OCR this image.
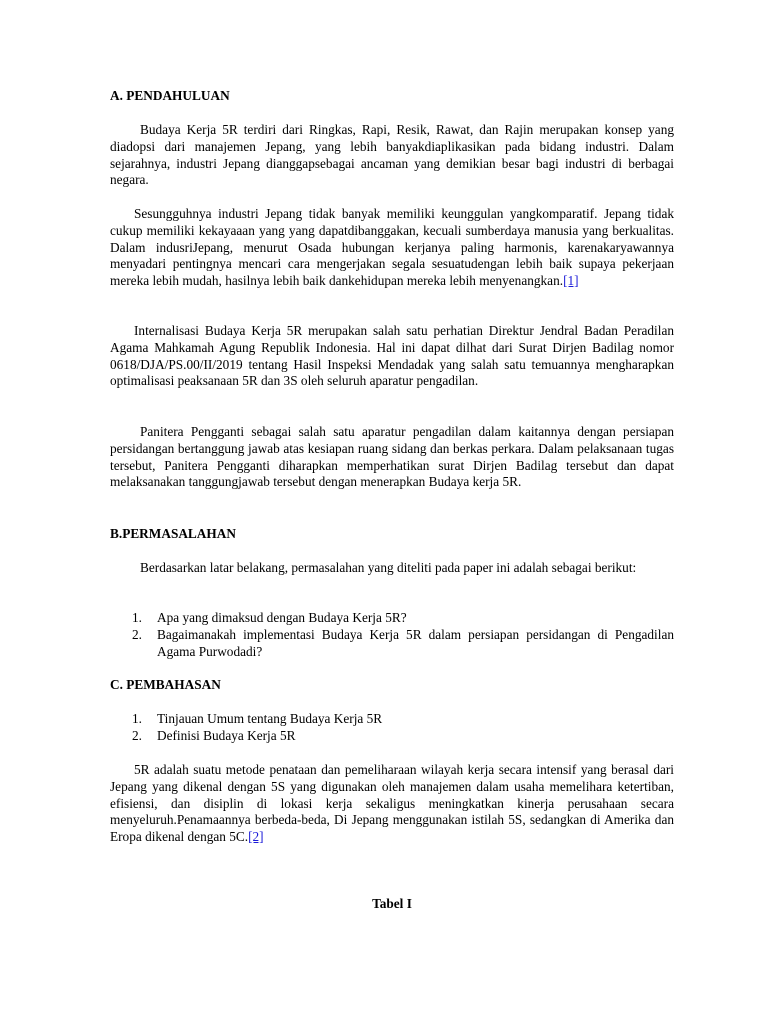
A. PENDAHULUAN

Budaya Kerja 5R terdiri dari Ringkas, Rapi, Resik, Rawat, dan Rajin merupakan konsep yang diadopsi dari manajemen Jepang, yang lebih banyakdiaplikasikan pada bidang industri. Dalam sejarahnya, industri Jepang dianggapsebagai ancaman yang demikian besar bagi industri di berbagai negara.

Sesungguhnya industri Jepang tidak banyak memiliki keunggulan yangkomparatif. Jepang tidak cukup memiliki kekayaaan yang yang dapatdibanggakan, kecuali sumberdaya manusia yang berkualitas. Dalam indusriJepang, menurut Osada hubungan kerjanya paling harmonis, karenakaryawannya menyadari pentingnya mencari cara mengerjakan segala sesuatudengan lebih baik supaya pekerjaan mereka lebih mudah, hasilnya lebih baik dankehidupan mereka lebih menyenangkan.[1]

Internalisasi Budaya Kerja 5R merupakan salah satu perhatian Direktur Jendral Badan Peradilan Agama Mahkamah Agung Republik Indonesia. Hal ini dapat dilhat dari Surat Dirjen Badilag nomor 0618/DJA/PS.00/II/2019 tentang Hasil Inspeksi Mendadak yang salah satu temuannya mengharapkan optimalisasi peaksanaan 5R dan 3S oleh seluruh aparatur pengadilan.

Panitera Pengganti sebagai salah satu aparatur pengadilan dalam kaitannya dengan persiapan persidangan bertanggung jawab atas kesiapan ruang sidang dan berkas perkara. Dalam pelaksanaan tugas tersebut, Panitera Pengganti diharapkan memperhatikan surat Dirjen Badilag tersebut dan dapat melaksanakan tanggungjawab tersebut dengan menerapkan Budaya kerja 5R.

B.PERMASALAHAN

Berdasarkan latar belakang, permasalahan yang diteliti pada paper ini adalah sebagai berikut:

1. Apa yang dimaksud dengan Budaya Kerja 5R?
2. Bagaimanakah implementasi Budaya Kerja 5R dalam persiapan persidangan di Pengadilan Agama Purwodadi?
C. PEMBAHASAN
1. Tinjauan Umum tentang Budaya Kerja 5R
2. Definisi Budaya Kerja 5R

5R adalah suatu metode penataan dan pemeliharaan wilayah kerja secara intensif yang berasal dari Jepang yang dikenal dengan 5S yang digunakan oleh manajemen dalam usaha memelihara ketertiban, efisiensi, dan disiplin di lokasi kerja sekaligus meningkatkan kinerja perusahaan secara menyeluruh.Penamaannya berbeda-beda, Di Jepang menggunakan istilah 5S, sedangkan di Amerika dan Eropa dikenal dengan 5C.[2]

Tabel I
